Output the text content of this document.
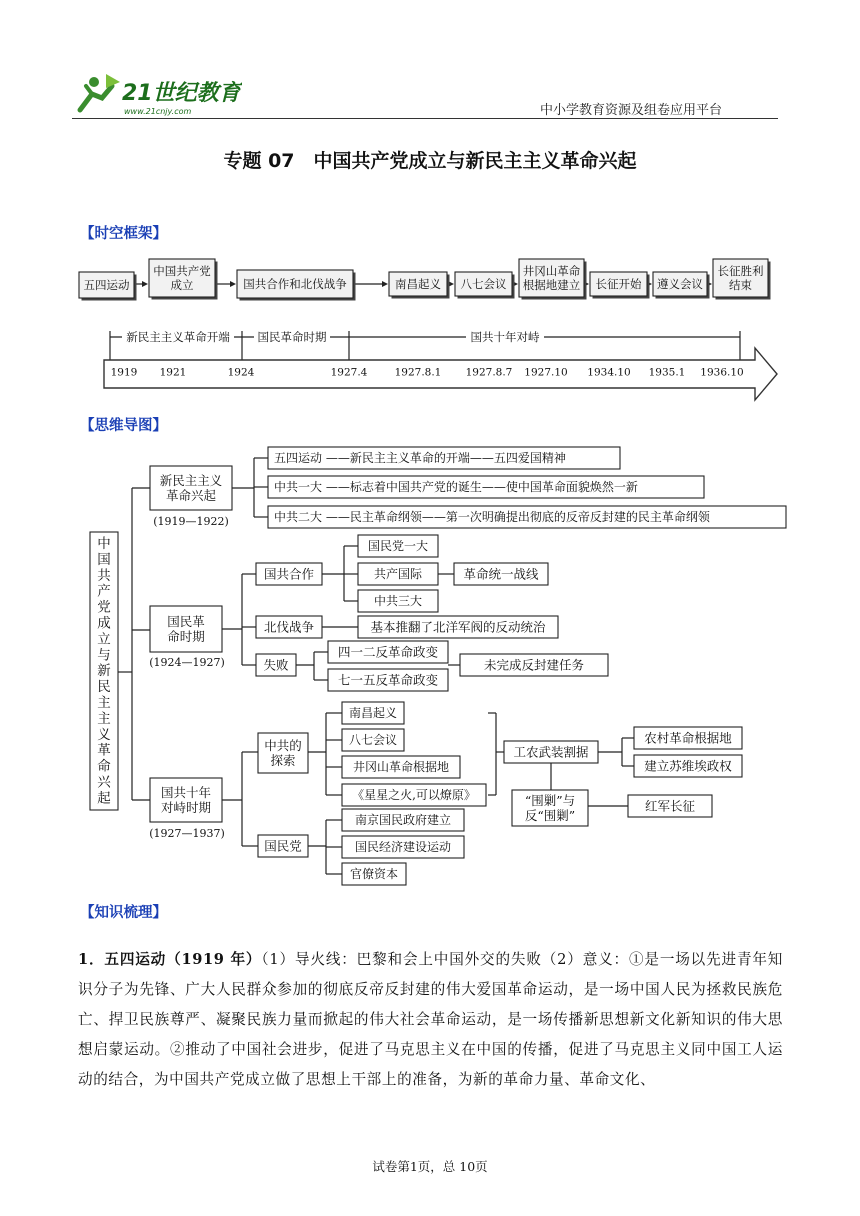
21世纪教育
www.21cnjy.com	中小学教育资源及组卷应用平台
专题 07　中国共产党成立与新民主主义革命兴起
【时空框架】
【思维导图】
【知识梳理】
五四运动
中国共产党成立	国共合作和北伐战争	南昌起义 八七会议
井冈山革命根据地建立 长征开始 遵义会议
长征胜利结束
新民主主义革命开端 国民革命时期	国共十年对峙
1919 1921	1924	1927.4	1927.8.1 1927.8.7 1927.10 1934.10 1935.1 1936.10
中国共产党成立与新民主主义革命兴起
新民主主义革命兴起
(1919—1922)
五四运动 ——新民主主义革命的开端——五四爱国精神
中共一大 ——标志着中国共产党的诞生——使中国革命面貌焕然一新
中共二大 ——民主革命纲领——第一次明确提出彻底的反帝反封建的民主革命纲领
国民革命时期
(1924—1927)
国共合作
国民党一大
共产国际
中共三大
革命统一战线
北伐战争	基本推翻了北洋军阀的反动统治
失败
四一二反革命政变
七一五反革命政变
未完成反封建任务
国共十年对峙时期
(1927—1937)
中共的探索
南昌起义
八七会议
井冈山革命根据地
《星星之火,可以燎原》
工农武装割据
农村革命根据地
建立苏维埃政权
“围剿”与反“围剿”
红军长征
国民党
南京国民政府建立
国民经济建设运动
官僚资本
1．五四运动（1919 年）（1）导火线：巴黎和会上中国外交的失败（2）意义：①是一场以先进青年知识分子为先锋、广大人民群众参加的彻底反帝反封建的伟大爱国革命运动，是一场中国人民为拯救民族危亡、捍卫民族尊严、凝聚民族力量而掀起的伟大社会革命运动，是一场传播新思想新文化新知识的伟大思想启蒙运动。②推动了中国社会进步，促进了马克思主义在中国的传播，促进了马克思主义同中国工人运动的结合，为中国共产党成立做了思想上干部上的准备，为新的革命力量、革命文化、
试卷第1页，总 10页
